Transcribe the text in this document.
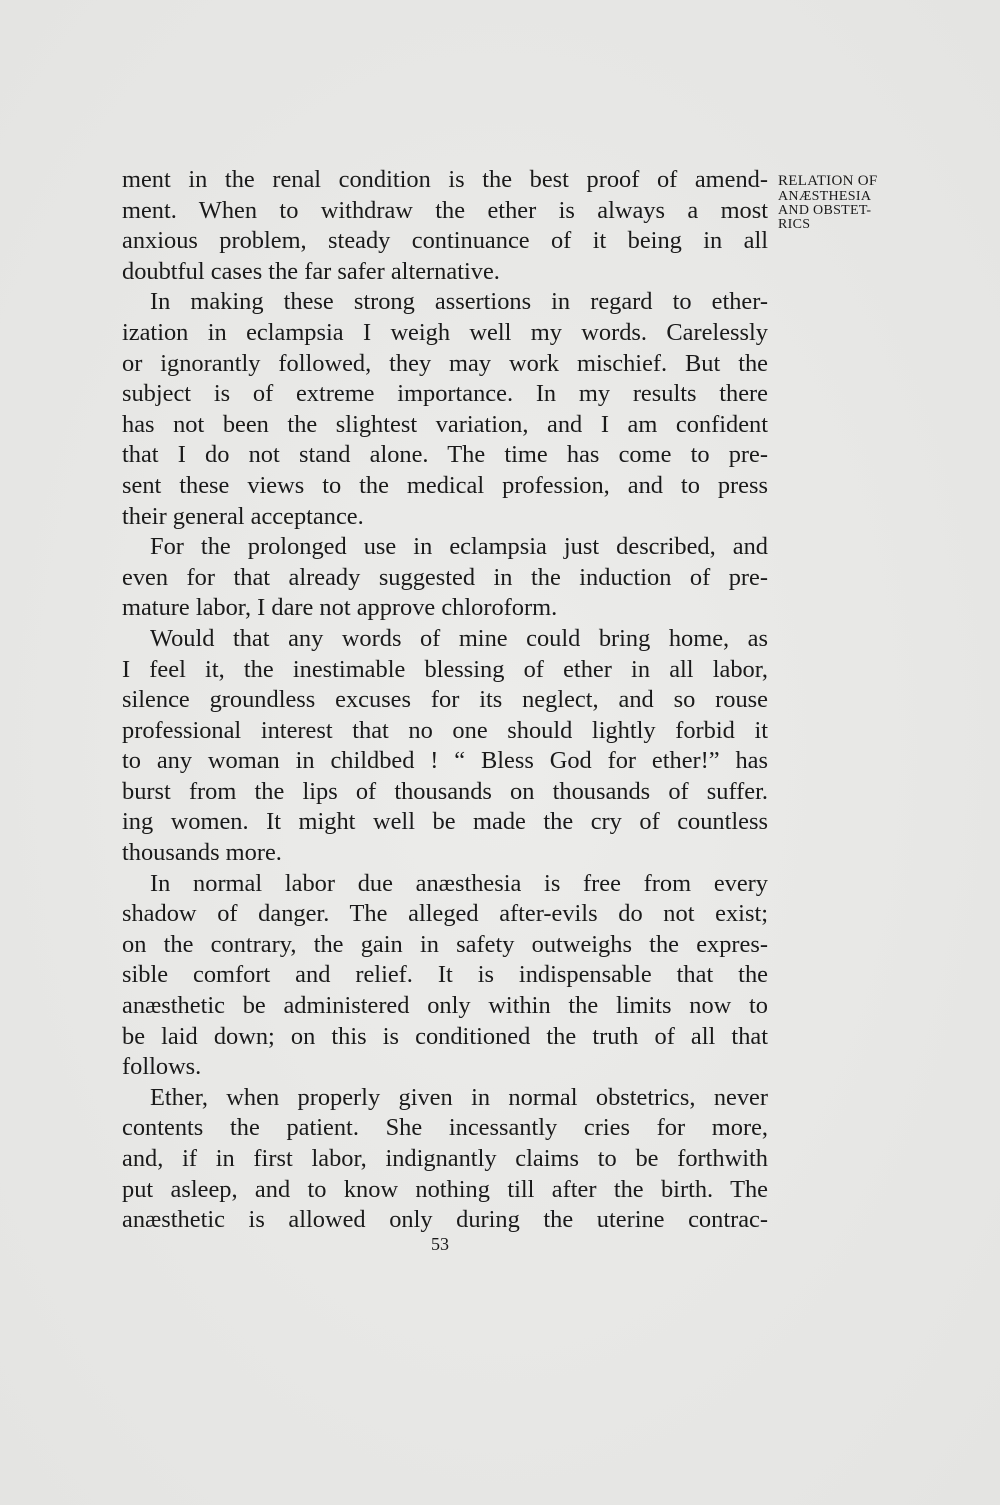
RELATION OF
ANÆSTHESIA
AND OBSTET-
RICS
ment in the renal condition is the best proof of amend-
ment. When to withdraw the ether is always a most
anxious problem, steady continuance of it being in all
doubtful cases the far safer alternative.
In making these strong assertions in regard to ether-
ization in eclampsia I weigh well my words. Carelessly
or ignorantly followed, they may work mischief. But the
subject is of extreme importance. In my results there
has not been the slightest variation, and I am confident
that I do not stand alone. The time has come to pre-
sent these views to the medical profession, and to press
their general acceptance.
For the prolonged use in eclampsia just described, and
even for that already suggested in the induction of pre-
mature labor, I dare not approve chloroform.
Would that any words of mine could bring home, as
I feel it, the inestimable blessing of ether in all labor,
silence groundless excuses for its neglect, and so rouse
professional interest that no one should lightly forbid it
to any woman in childbed ! “ Bless God for ether!” has
burst from the lips of thousands on thousands of suffer.
ing women. It might well be made the cry of countless
thousands more.
In normal labor due anæsthesia is free from every
shadow of danger. The alleged after-evils do not exist;
on the contrary, the gain in safety outweighs the expres-
sible comfort and relief. It is indispensable that the
anæsthetic be administered only within the limits now to
be laid down; on this is conditioned the truth of all that
follows.
Ether, when properly given in normal obstetrics, never
contents the patient. She incessantly cries for more,
and, if in first labor, indignantly claims to be forthwith
put asleep, and to know nothing till after the birth. The
anæsthetic is allowed only during the uterine contrac-
53
